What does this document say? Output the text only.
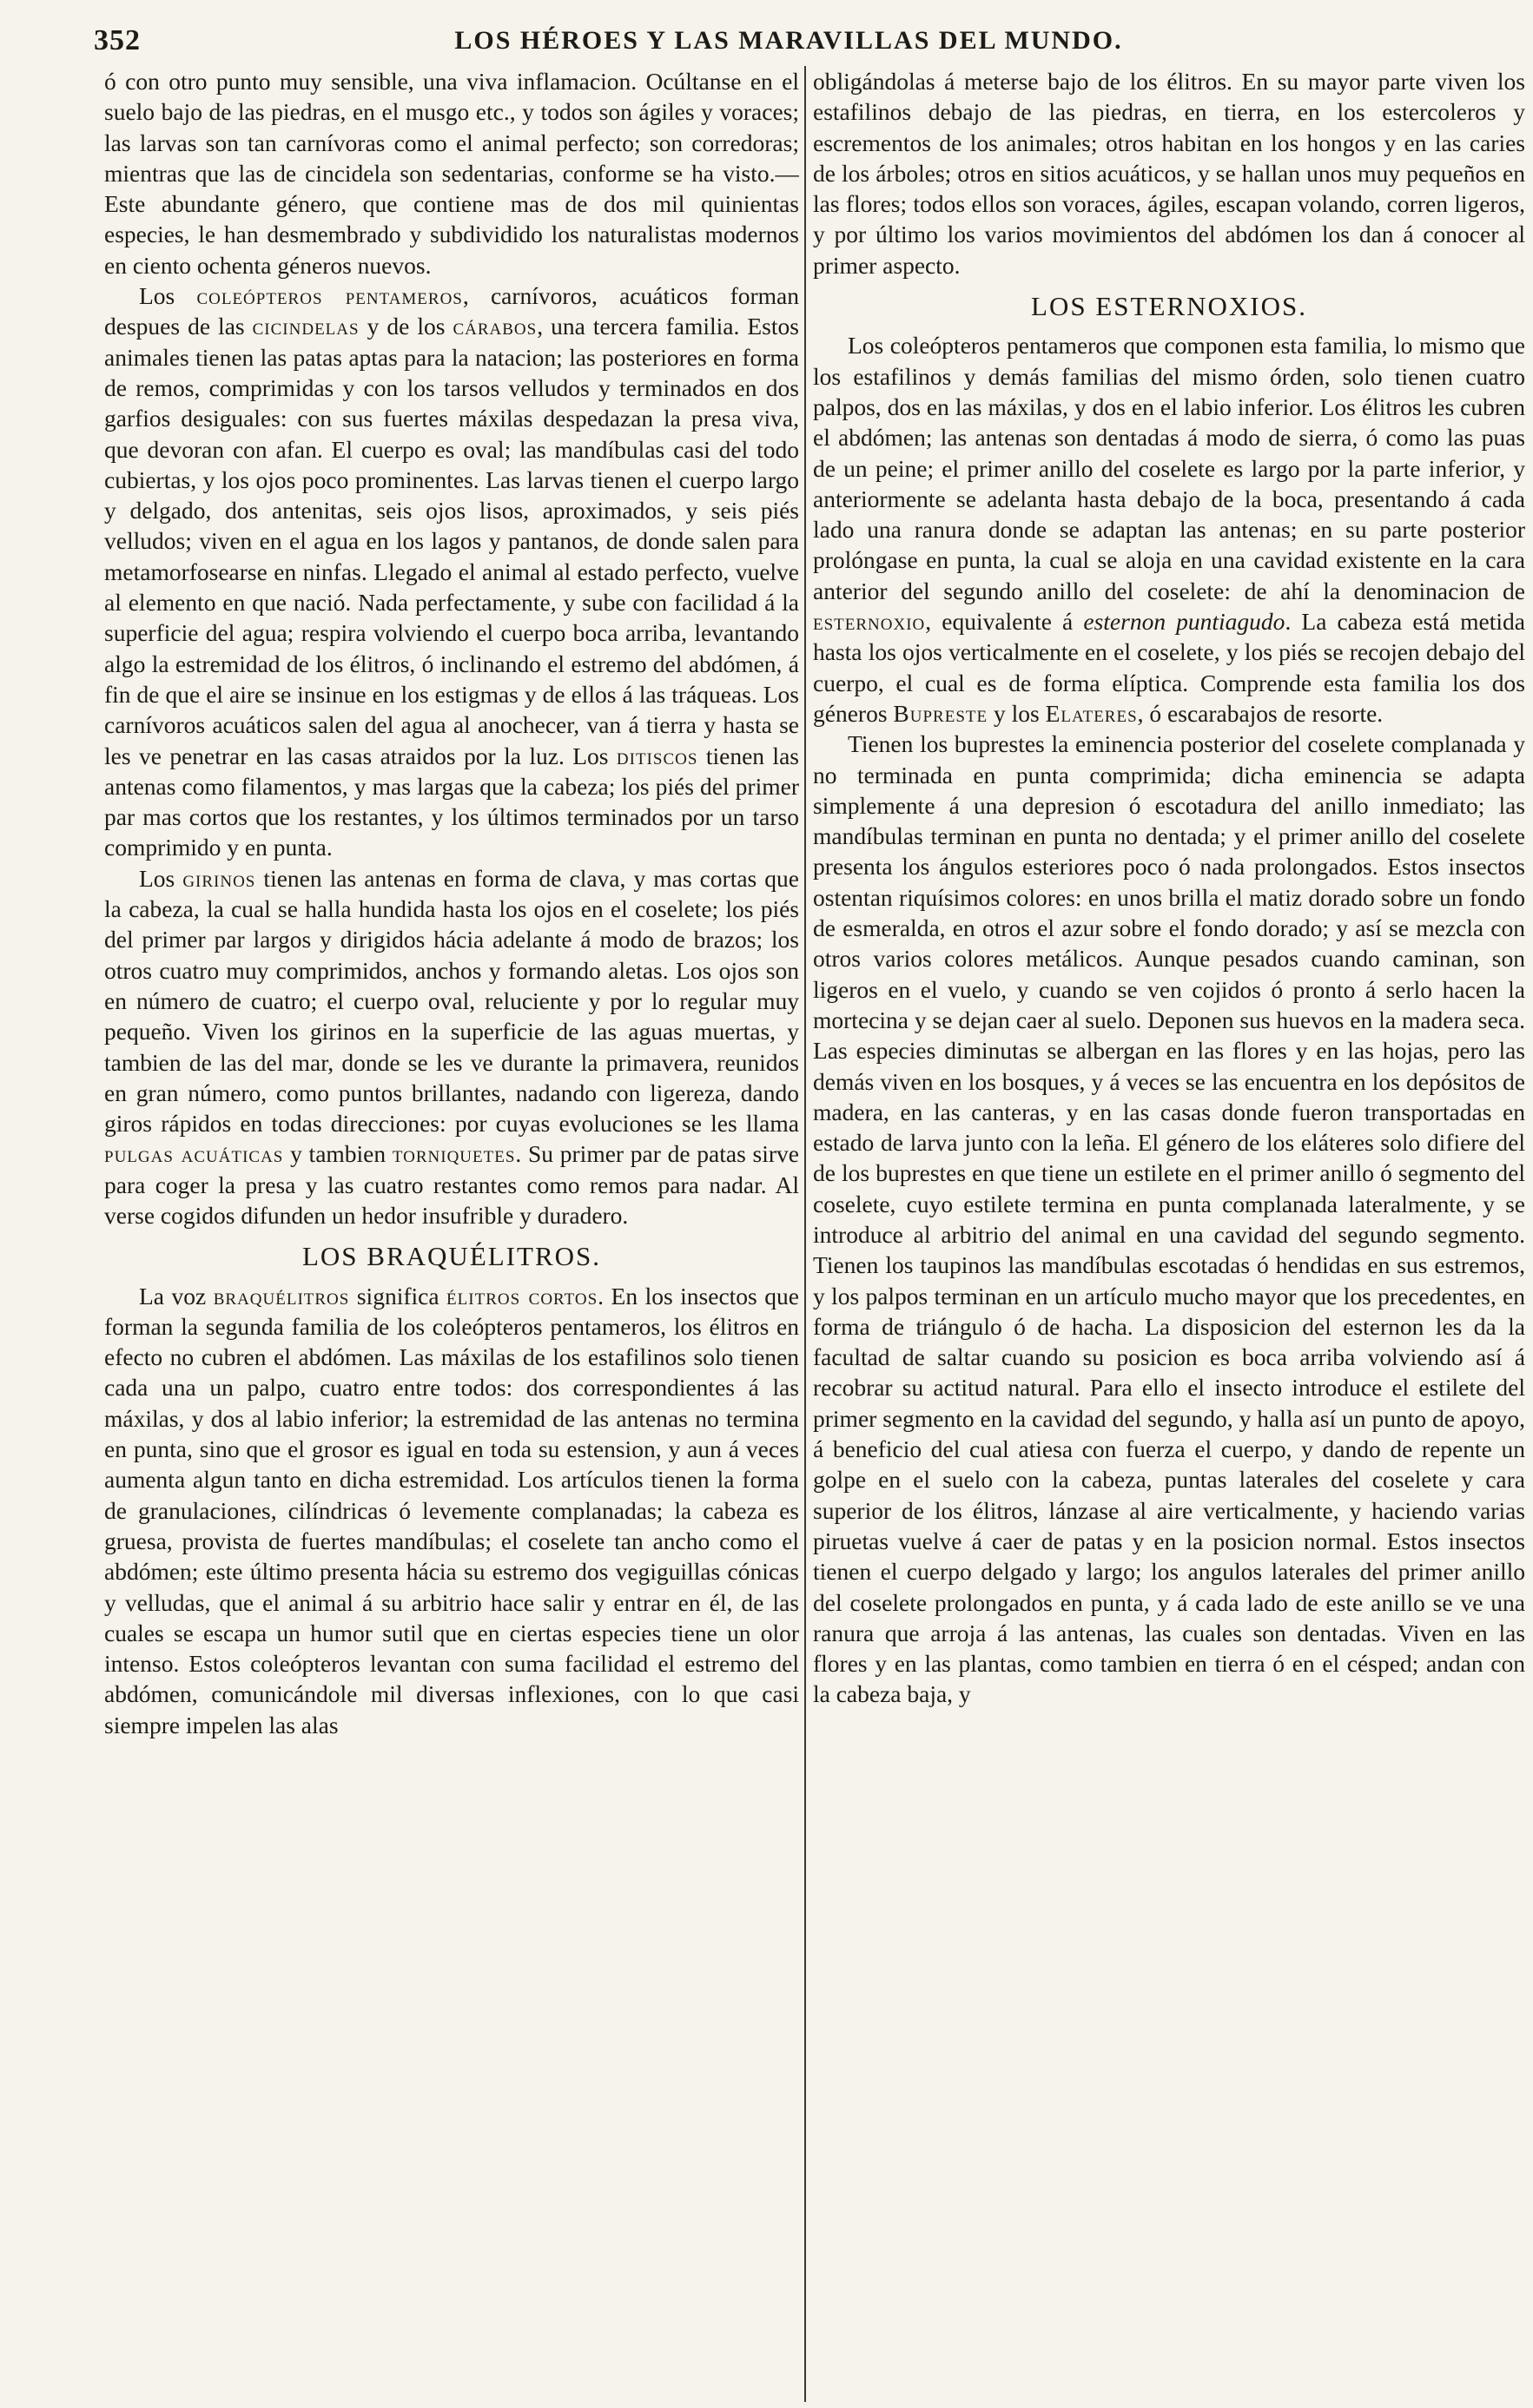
352	LOS HÉROES Y LAS MARAVILLAS DEL MUNDO.

ó con otro punto muy sensible, una viva inflamacion. Ocúltanse en el suelo bajo de las piedras, en el musgo etc., y todos son ágiles y voraces; las larvas son tan carnívoras como el animal perfecto; son corredoras; mientras que las de cincidela son sedentarias, conforme se ha visto.—Este abundante género, que contiene mas de dos mil quinientas especies, le han desmembrado y subdividido los naturalistas modernos en ciento ochenta géneros nuevos.

Los coleópteros pentameros, carnívoros, acuáticos forman despues de las cicindelas y de los cárabos, una tercera familia. Estos animales tienen las patas aptas para la natacion; las posteriores en forma de remos, comprimidas y con los tarsos velludos y terminados en dos garfios desiguales: con sus fuertes máxilas despedazan la presa viva, que devoran con afan. El cuerpo es oval; las mandíbulas casi del todo cubiertas, y los ojos poco prominentes. Las larvas tienen el cuerpo largo y delgado, dos antenitas, seis ojos lisos, aproximados, y seis piés velludos; viven en el agua en los lagos y pantanos, de donde salen para metamorfosearse en ninfas. Llegado el animal al estado perfecto, vuelve al elemento en que nació. Nada perfectamente, y sube con facilidad á la superficie del agua; respira volviendo el cuerpo boca arriba, levantando algo la estremidad de los élitros, ó inclinando el estremo del abdómen, á fin de que el aire se insinue en los estigmas y de ellos á las tráqueas. Los carnívoros acuáticos salen del agua al anochecer, van á tierra y hasta se les ve penetrar en las casas atraidos por la luz. Los ditiscos tienen las antenas como filamentos, y mas largas que la cabeza; los piés del primer par mas cortos que los restantes, y los últimos terminados por un tarso comprimido y en punta.

Los girinos tienen las antenas en forma de clava, y mas cortas que la cabeza, la cual se halla hundida hasta los ojos en el coselete; los piés del primer par largos y dirigidos hácia adelante á modo de brazos; los otros cuatro muy comprimidos, anchos y formando aletas. Los ojos son en número de cuatro; el cuerpo oval, reluciente y por lo regular muy pequeño. Viven los girinos en la superficie de las aguas muertas, y tambien de las del mar, donde se les ve durante la primavera, reunidos en gran número, como puntos brillantes, nadando con ligereza, dando giros rápidos en todas direcciones: por cuyas evoluciones se les llama pulgas acuáticas y tambien torniquetes. Su primer par de patas sirve para coger la presa y las cuatro restantes como remos para nadar. Al verse cogidos difunden un hedor insufrible y duradero.

LOS BRAQUÉLITROS.

La voz braquélitros significa élitros cortos. En los insectos que forman la segunda familia de los coleópteros pentameros, los élitros en efecto no cubren el abdómen. Las máxilas de los estafilinos solo tienen cada una un palpo, cuatro entre todos: dos correspondientes á las máxilas, y dos al labio inferior; la estremidad de las antenas no termina en punta, sino que el grosor es igual en toda su estension, y aun á veces aumenta algun tanto en dicha estremidad. Los artículos tienen la forma de granulaciones, cilíndricas ó levemente complanadas; la cabeza es gruesa, provista de fuertes mandíbulas; el coselete tan ancho como el abdómen; este último presenta hácia su estremo dos vegiguillas cónicas y velludas, que el animal á su arbitrio hace salir y entrar en él, de las cuales se escapa un humor sutil que en ciertas especies tiene un olor intenso. Estos coleópteros levantan con suma facilidad el estremo del abdómen, comunicándole mil diversas inflexiones, con lo que casi siempre impelen las alas

obligándolas á meterse bajo de los élitros. En su mayor parte viven los estafilinos debajo de las piedras, en tierra, en los estercoleros y escrementos de los animales; otros habitan en los hongos y en las caries de los árboles; otros en sitios acuáticos, y se hallan unos muy pequeños en las flores; todos ellos son voraces, ágiles, escapan volando, corren ligeros, y por último los varios movimientos del abdómen los dan á conocer al primer aspecto.

LOS ESTERNOXIOS.

Los coleópteros pentameros que componen esta familia, lo mismo que los estafilinos y demás familias del mismo órden, solo tienen cuatro palpos, dos en las máxilas, y dos en el labio inferior. Los élitros les cubren el abdómen; las antenas son dentadas á modo de sierra, ó como las puas de un peine; el primer anillo del coselete es largo por la parte inferior, y anteriormente se adelanta hasta debajo de la boca, presentando á cada lado una ranura donde se adaptan las antenas; en su parte posterior prolóngase en punta, la cual se aloja en una cavidad existente en la cara anterior del segundo anillo del coselete: de ahí la denominacion de esternoxio, equivalente á esternon puntiagudo. La cabeza está metida hasta los ojos verticalmente en el coselete, y los piés se recojen debajo del cuerpo, el cual es de forma elíptica. Comprende esta familia los dos géneros Bupreste y los Elateres, ó escarabajos de resorte.

Tienen los buprestes la eminencia posterior del coselete complanada y no terminada en punta comprimida; dicha eminencia se adapta simplemente á una depresion ó escotadura del anillo inmediato; las mandíbulas terminan en punta no dentada; y el primer anillo del coselete presenta los ángulos esteriores poco ó nada prolongados. Estos insectos ostentan riquísimos colores: en unos brilla el matiz dorado sobre un fondo de esmeralda, en otros el azur sobre el fondo dorado; y así se mezcla con otros varios colores metálicos. Aunque pesados cuando caminan, son ligeros en el vuelo, y cuando se ven cojidos ó pronto á serlo hacen la mortecina y se dejan caer al suelo. Deponen sus huevos en la madera seca. Las especies diminutas se albergan en las flores y en las hojas, pero las demás viven en los bosques, y á veces se las encuentra en los depósitos de madera, en las canteras, y en las casas donde fueron transportadas en estado de larva junto con la leña. El género de los eláteres solo difiere del de los buprestes en que tiene un estilete en el primer anillo ó segmento del coselete, cuyo estilete termina en punta complanada lateralmente, y se introduce al arbitrio del animal en una cavidad del segundo segmento. Tienen los taupinos las mandíbulas escotadas ó hendidas en sus estremos, y los palpos terminan en un artículo mucho mayor que los precedentes, en forma de triángulo ó de hacha. La disposicion del esternon les da la facultad de saltar cuando su posicion es boca arriba volviendo así á recobrar su actitud natural. Para ello el insecto introduce el estilete del primer segmento en la cavidad del segundo, y halla así un punto de apoyo, á beneficio del cual atiesa con fuerza el cuerpo, y dando de repente un golpe en el suelo con la cabeza, puntas laterales del coselete y cara superior de los élitros, lánzase al aire verticalmente, y haciendo varias piruetas vuelve á caer de patas y en la posicion normal. Estos insectos tienen el cuerpo delgado y largo; los angulos laterales del primer anillo del coselete prolongados en punta, y á cada lado de este anillo se ve una ranura que arroja á las antenas, las cuales son dentadas. Viven en las flores y en las plantas, como tambien en tierra ó en el césped; andan con la cabeza baja, y
